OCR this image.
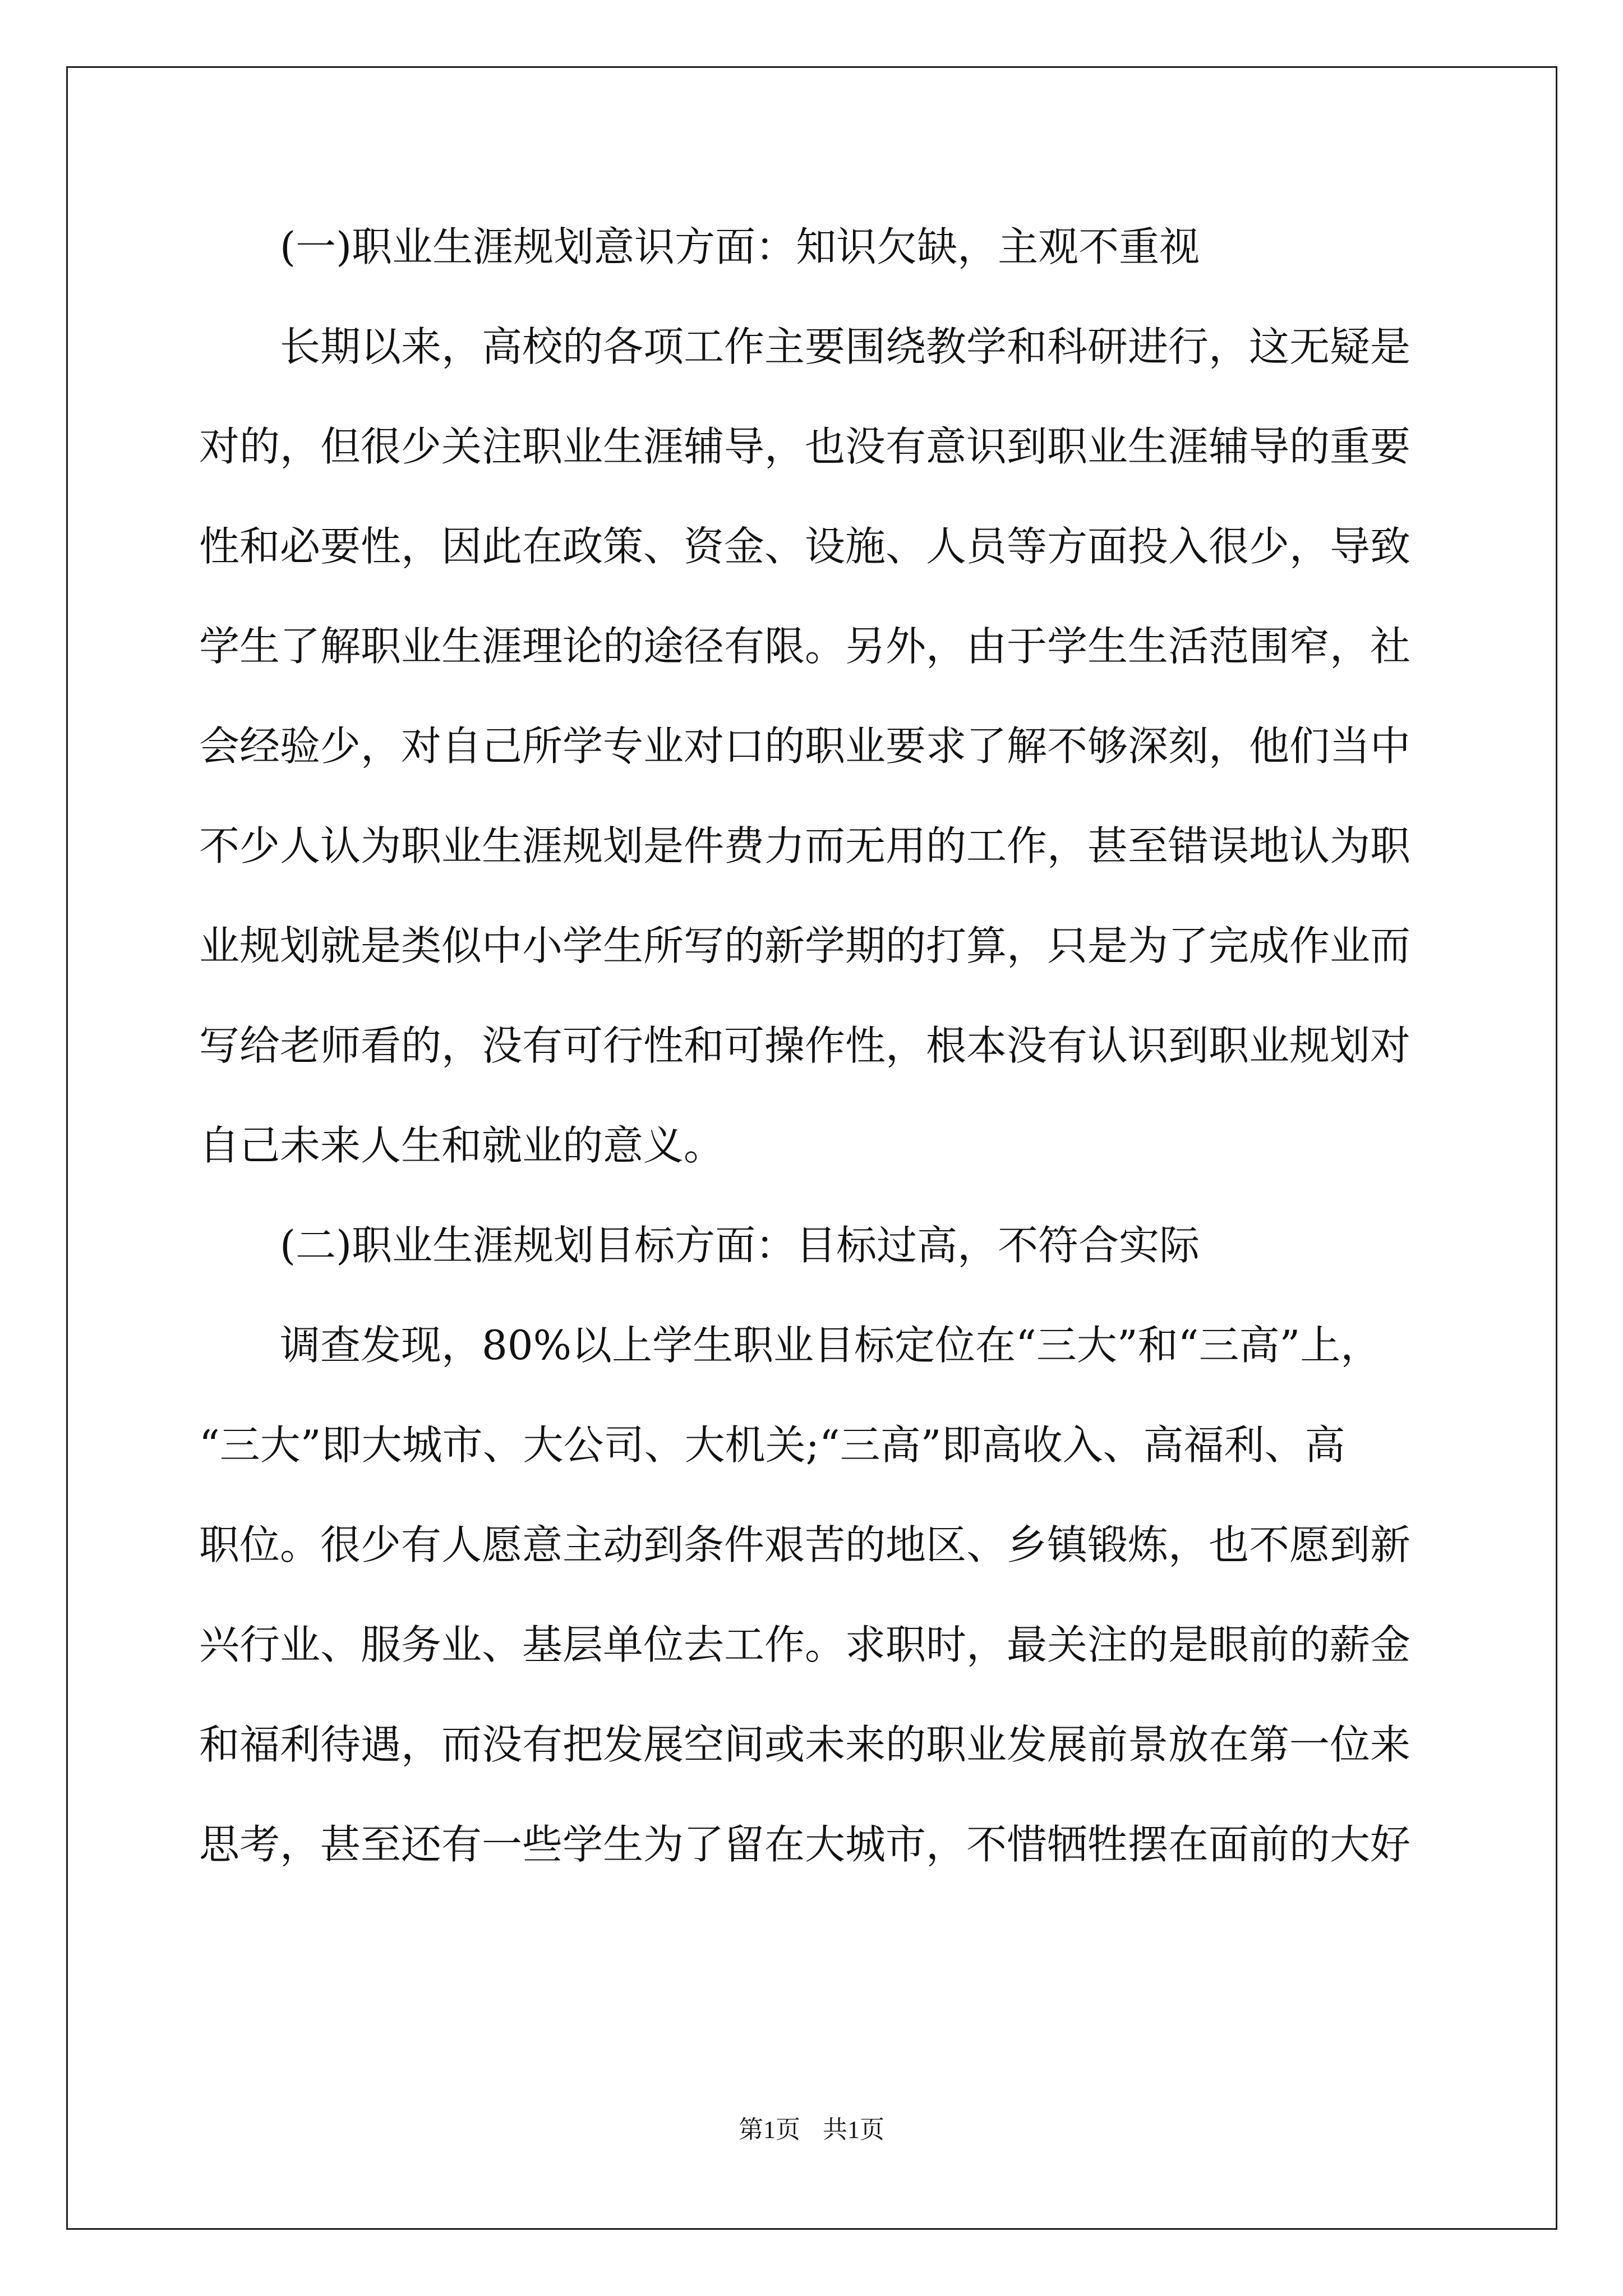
(一)职业生涯规划意识方面：知识欠缺，主观不重视
长期以来，高校的各项工作主要围绕教学和科研进行，这无疑是
对的，但很少关注职业生涯辅导，也没有意识到职业生涯辅导的重要
性和必要性，因此在政策、资金、设施、人员等方面投入很少，导致
学生了解职业生涯理论的途径有限。另外，由于学生生活范围窄，社
会经验少，对自己所学专业对口的职业要求了解不够深刻，他们当中
不少人认为职业生涯规划是件费力而无用的工作，甚至错误地认为职
业规划就是类似中小学生所写的新学期的打算，只是为了完成作业而
写给老师看的，没有可行性和可操作性，根本没有认识到职业规划对
自己未来人生和就业的意义。
(二)职业生涯规划目标方面：目标过高，不符合实际
调查发现，80%以上学生职业目标定位在“三大”和“三高”上，
“三大”即大城市、大公司、大机关;“三高”即高收入、高福利、高
职位。很少有人愿意主动到条件艰苦的地区、乡镇锻炼，也不愿到新
兴行业、服务业、基层单位去工作。求职时，最关注的是眼前的薪金
和福利待遇，而没有把发展空间或未来的职业发展前景放在第一位来
思考，甚至还有一些学生为了留在大城市，不惜牺牲摆在面前的大好
第1页 共1页
